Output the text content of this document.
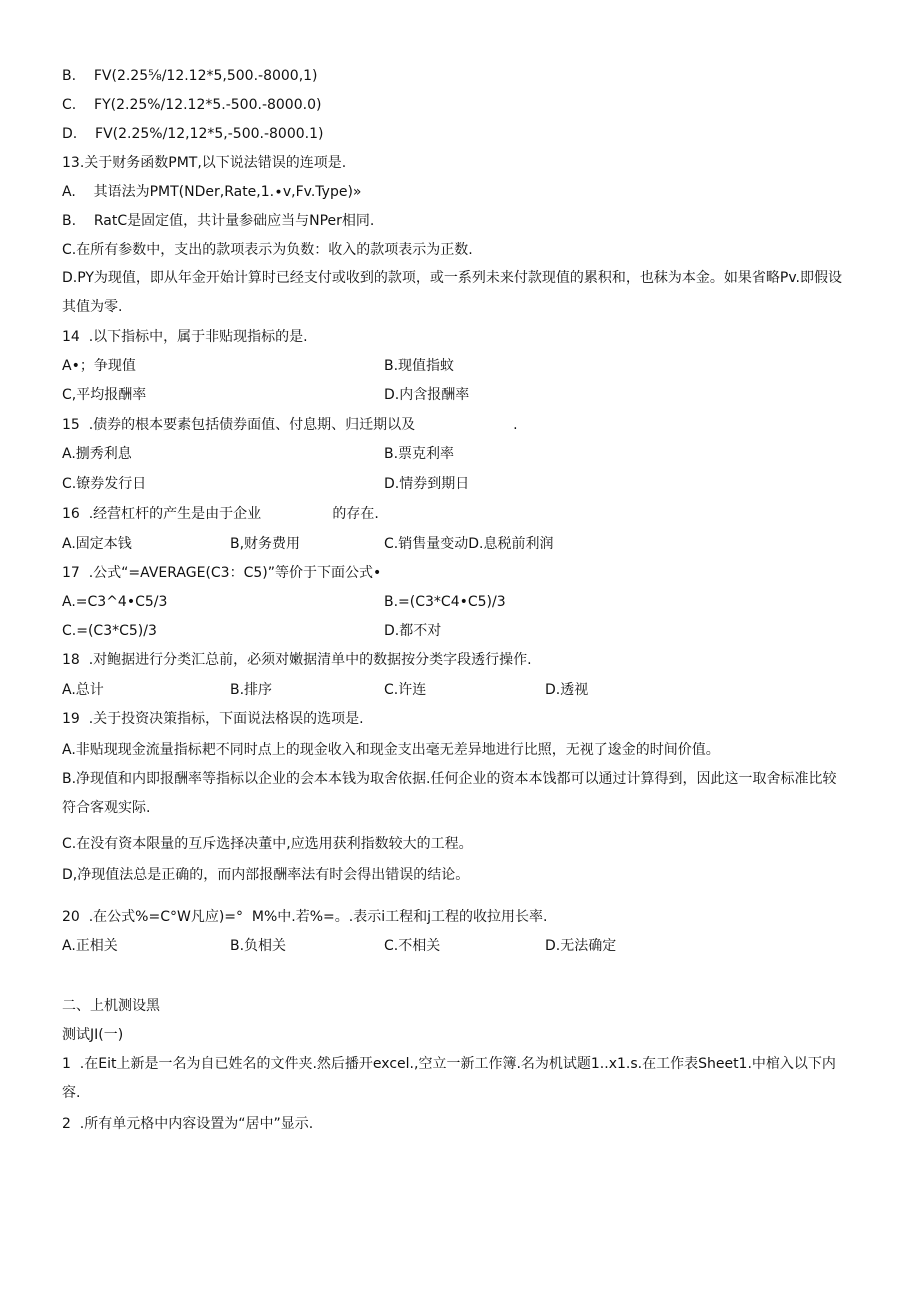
B.    FV(2.25⅝/12.12*5,500.-8000,1)
C.    FY(2.25%/12.12*5.-500.-8000.0)
D.    FV(2.25%/12,12*5,-500.-8000.1)
13.关于财务函数PMT,以下说法错误的连项是.
A.    其语法为PMT(NDer,Rate,1.∙v,Fv.Type)»
B.    RatC是固定值，共计量参础应当与NPer相同.
C.在所有参数中，支出的款项表示为负数：收入的款项表示为正数.
D.PY为现值，即从年金开始计算时已经支付或收到的款项，或一系列未来付款现值的累积和，也秣为本金。如果省略Pv.即假设其值为零.
14  .以下指标中，属于非贴现指标的是.
A•；争现值	B.现值指蚊
C,平均报酬率	D.内含报酬率
15  .债券的根本要素包括债券面值、付息期、归迁期以及                      .
A.捌秀利息	B.票克利率
C.镣券发行日	D.情券到期日
16  .经营杠杆的产生是由于企业                的存在.
A.固定本钱	B,财务费用	C.销售量变动D.息税前利润
17  .公式“=AVERAGE(C3：C5)”等价于下面公式•
A.=C3^4•C5/3	B.=(C3*C4•C5)/3
C.=(C3*C5)/3	D.都不对
18  .对鲍据进行分类汇总前，必须对嫩据清单中的数据按分类字段透行操作.
A.总计	B.排序	C.许连	D.透视
19  .关于投资决策指标，下面说法格误的选项是.
A.非贴现现金流量指标耙不同时点上的现金收入和现金支出毫无差异地进行比照，无视了逡金的时间价值。
B.净现值和内即报酬率等指标以企业的会本本钱为取舍依据.任何企业的资本本饯都可以通过计算得到，因此这一取舍标准比较符合客观实际.
C.在没有资本限量的互斥选择决董中,应选用获利指数较大的工程。
D,净现值法总是正确的，而内部报酬率法有时会得出错误的结论。
20  .在公式%=C°W凡应)=°  M%中.若%=。.表示i工程和j工程的收拉用长率.
A.正相关	B.负相关	C.不相关	D.无法确定
二、上机测设黑
测试JI(一)
1  .在Eit上新是一名为自已姓名的文件夹.然后播开excel.,空立一新工作簿.名为机试题1..x1.s.在工作表Sheet1.中棺入以下内容.
2  .所有单元格中内容设置为“居中”显示.
